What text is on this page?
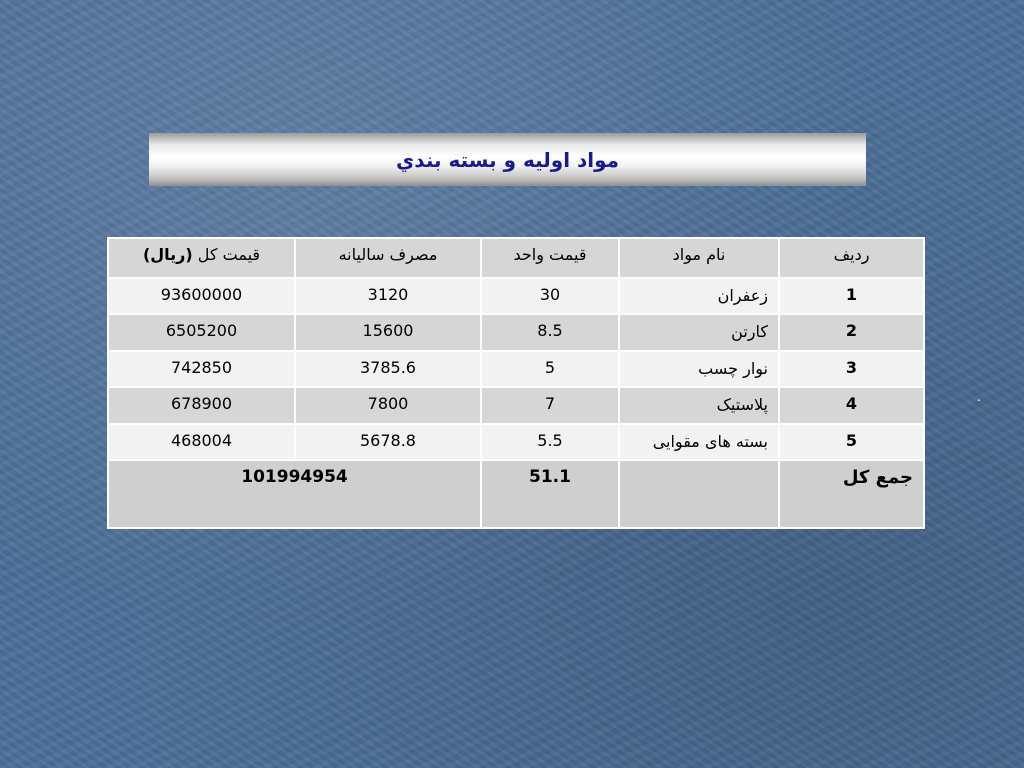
مواد اولیه و بسته بندي
ردیف	نام مواد	قیمت واحد	مصرف سالیانه	قیمت کل (ریال)
1	زعفران	30	3120	93600000
2	کارتن	8.5	15600	6505200
3	نوار چسب	5	3785.6	742850
4	پلاستیک	7	7800	678900
5	بسته های مقوایی	5.5	5678.8	468004
جمع کل		51.1	101994954	
.
